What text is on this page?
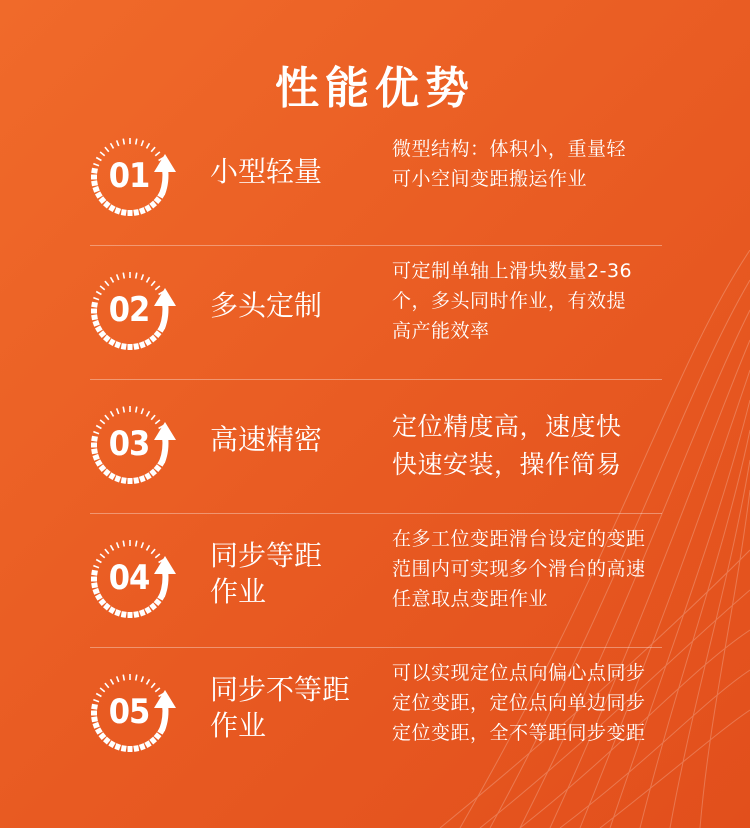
性能优势
01 小型轻量
微型结构：体积小，重量轻
可小空间变距搬运作业
02 多头定制
可定制单轴上滑块数量2-36
个，多头同时作业，有效提
高产能效率
03 高速精密	定位精度高，速度快
快速安装，操作简易
04
同步等距
作业
在多工位变距滑台设定的变距
范围内可实现多个滑台的高速
任意取点变距作业
05
同步不等距
作业
可以实现定位点向偏心点同步
定位变距，定位点向单边同步
定位变距，全不等距同步变距
